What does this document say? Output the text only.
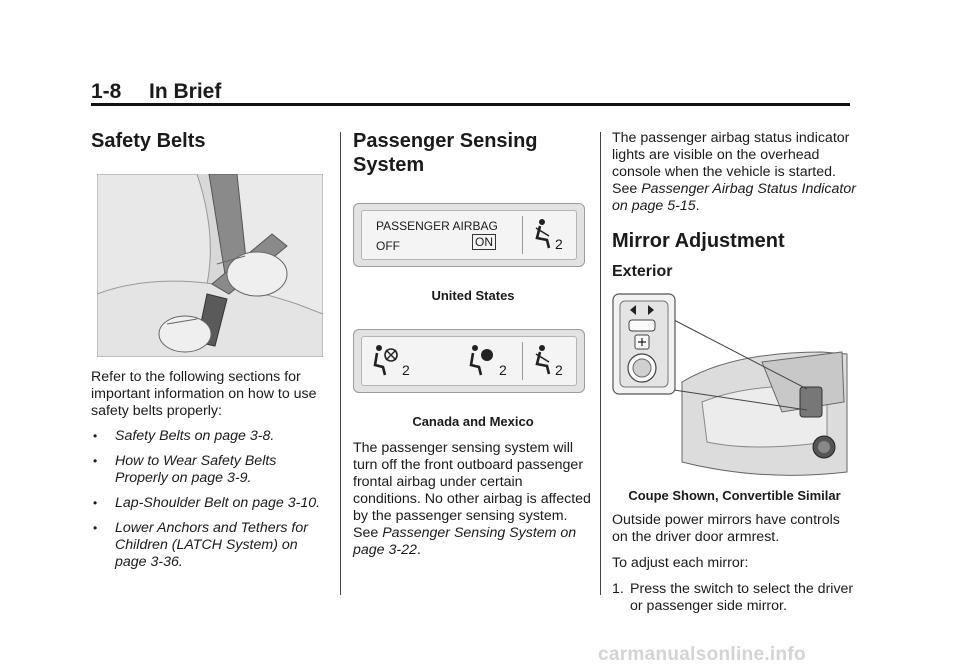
1-8 In Brief
Safety Belts

Refer to the following sections for important information on how to use safety belts properly:

• Safety Belts on page 3-8.
• How to Wear Safety Belts Properly on page 3-9.
• Lap-Shoulder Belt on page 3-10.
• Lower Anchors and Tethers for Children (LATCH System) on page 3-36.
Passenger Sensing
System
PASSENGER AIRBAG
OFF	ON	2
United States
2	2	2
Canada and Mexico

The passenger sensing system will turn off the front outboard passenger frontal airbag under certain conditions. No other airbag is affected by the passenger sensing system. See Passenger Sensing System on page 3-22.

The passenger airbag status indicator lights are visible on the overhead console when the vehicle is started. See Passenger Airbag Status Indicator on page 5-15.

Mirror Adjustment
Exterior
Coupe Shown, Convertible Similar

Outside power mirrors have controls on the driver door armrest.

To adjust each mirror:

1. Press the switch to select the driver or passenger side mirror.
carmanualsonline.info
